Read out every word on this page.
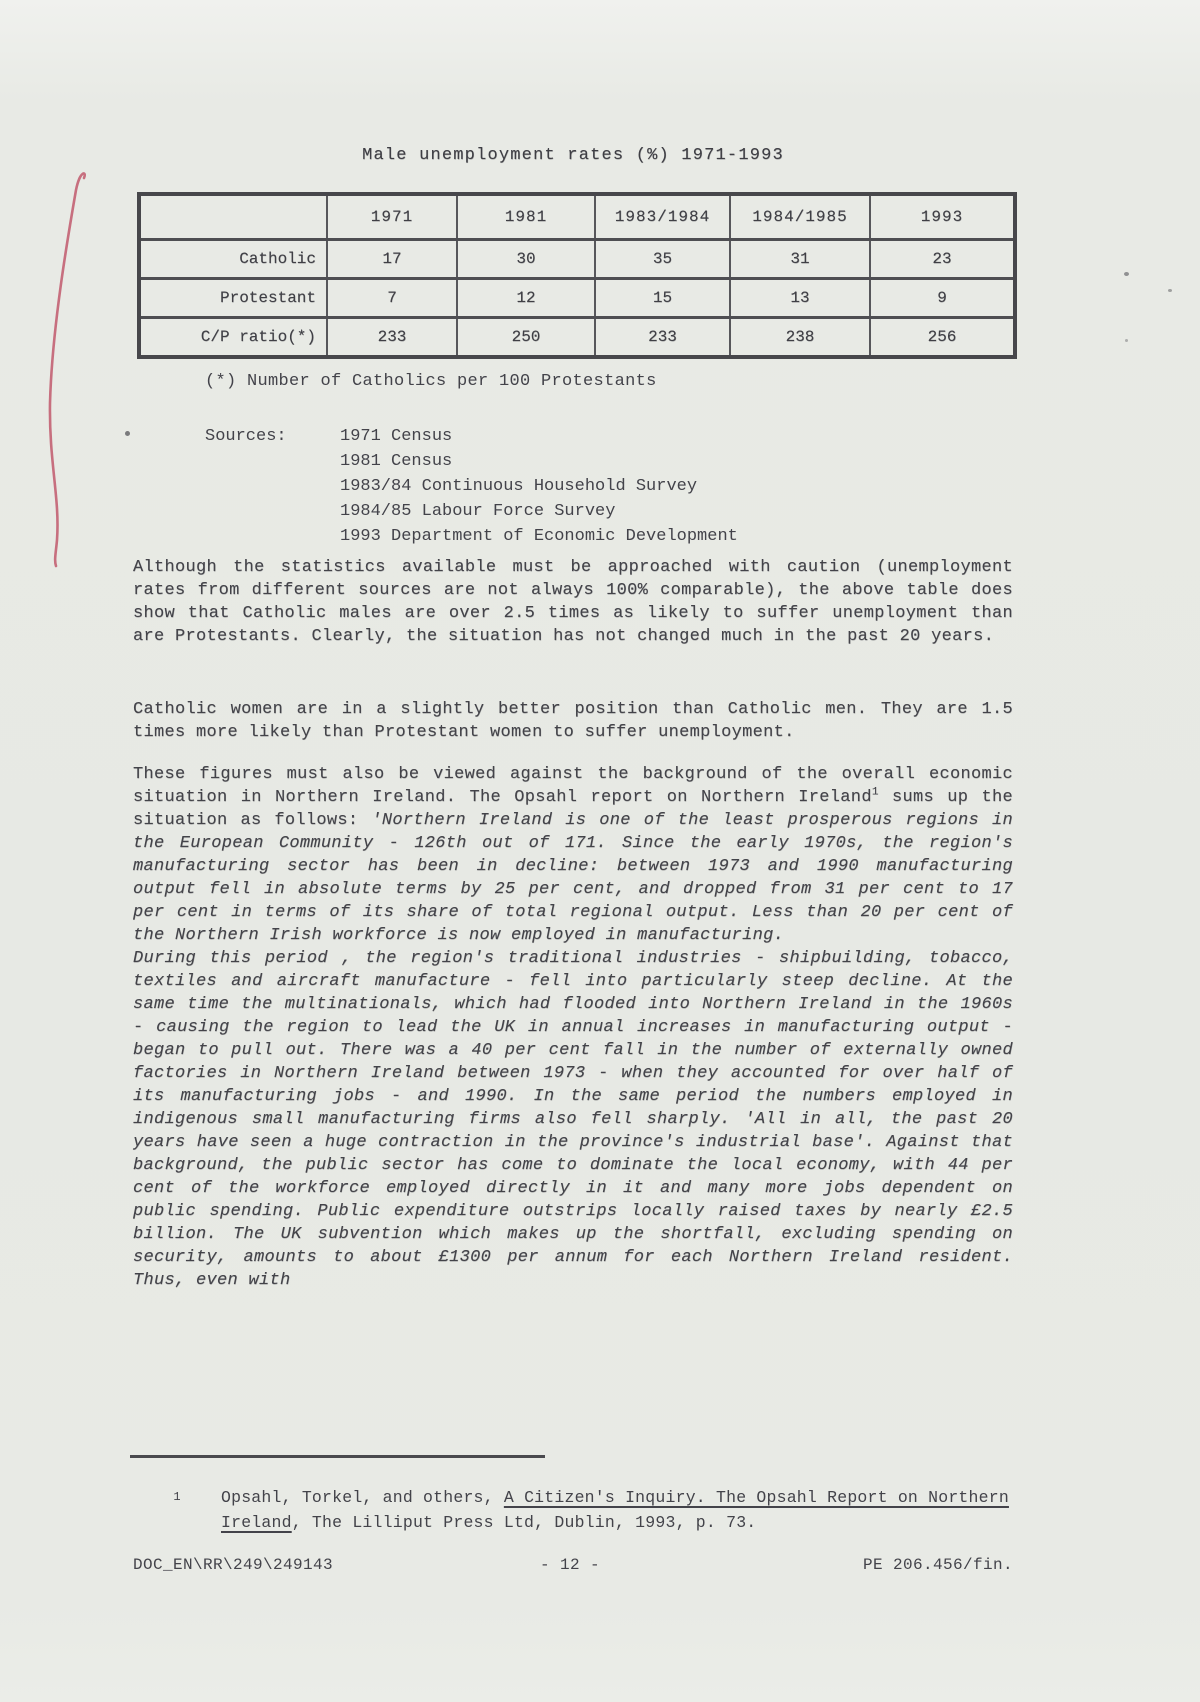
Male unemployment rates (%) 1971-1993
	1971	1981	1983/1984	1984/1985	1993
Catholic	17	30	35	31	23
Protestant	7	12	15	13	9
C/P ratio(*)	233	250	233	238	256
(*) Number of Catholics per 100 Protestants
Sources:	1971 Census
1981 Census
1983/84 Continuous Household Survey
1984/85 Labour Force Survey
1993 Department of Economic Development

Although the statistics available must be approached with caution (unemployment rates from different sources are not always 100% comparable), the above table does show that Catholic males are over 2.5 times as likely to suffer unemployment than are Protestants. Clearly, the situation has not changed much in the past 20 years.

Catholic women are in a slightly better position than Catholic men. They are 1.5 times more likely than Protestant women to suffer unemployment.

These figures must also be viewed against the background of the overall economic situation in Northern Ireland. The Opsahl report on Northern Ireland$^1$ sums up the situation as follows: 'Northern Ireland is one of the least prosperous regions in the European Community - 126th out of 171. Since the early 1970s, the region's manufacturing sector has been in decline: between 1973 and 1990 manufacturing output fell in absolute terms by 25 per cent, and dropped from 31 per cent to 17 per cent in terms of its share of total regional output. Less than 20 per cent of the Northern Irish workforce is now employed in manufacturing.

During this period , the region's traditional industries - shipbuilding, tobacco, textiles and aircraft manufacture - fell into particularly steep decline. At the same time the multinationals, which had flooded into Northern Ireland in the 1960s - causing the region to lead the UK in annual increases in manufacturing output - began to pull out. There was a 40 per cent fall in the number of externally owned factories in Northern Ireland between 1973 - when they accounted for over half of its manufacturing jobs - and 1990. In the same period the numbers employed in indigenous small manufacturing firms also fell sharply. 'All in all, the past 20 years have seen a huge contraction in the province's industrial base'. Against that background, the public sector has come to dominate the local economy, with 44 per cent of the workforce employed directly in it and many more jobs dependent on public spending. Public expenditure outstrips locally raised taxes by nearly £2.5 billion. The UK subvention which makes up the shortfall, excluding spending on security, amounts to about £1300 per annum for each Northern Ireland resident. Thus, even with

1	Opsahl, Torkel, and others, A Citizen's Inquiry. The Opsahl Report on Northern Ireland, The Lilliput Press Ltd, Dublin, 1993, p. 73.
DOC_EN\RR\249\249143	- 12 -	PE 206.456/fin.
